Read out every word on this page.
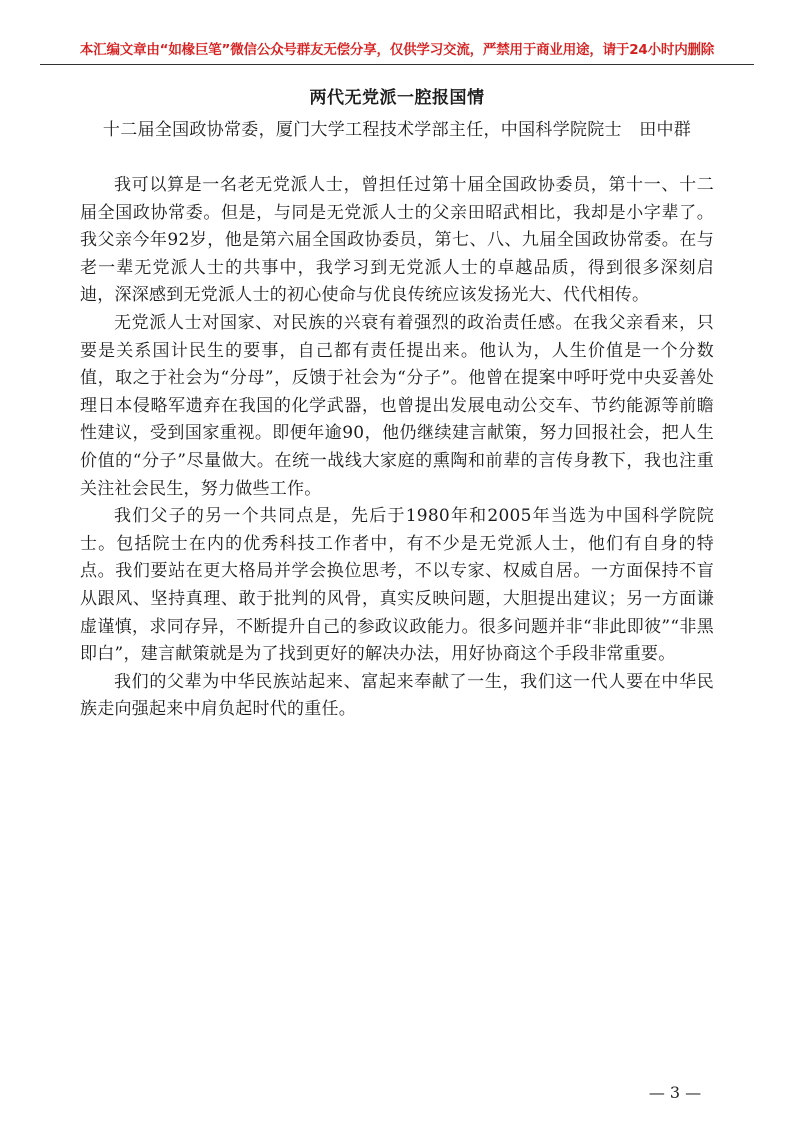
本汇编文章由“如椽巨笔”微信公众号群友无偿分享，仅供学习交流，严禁用于商业用途，请于24小时内删除
两代无党派一腔报国情
十二届全国政协常委，厦门大学工程技术学部主任，中国科学院院士　田中群

我可以算是一名老无党派人士，曾担任过第十届全国政协委员，第十一、十二届全国政协常委。但是，与同是无党派人士的父亲田昭武相比，我却是小字辈了。我父亲今年92岁，他是第六届全国政协委员，第七、八、九届全国政协常委。在与老一辈无党派人士的共事中，我学习到无党派人士的卓越品质，得到很多深刻启迪，深深感到无党派人士的初心使命与优良传统应该发扬光大、代代相传。

无党派人士对国家、对民族的兴衰有着强烈的政治责任感。在我父亲看来，只要是关系国计民生的要事，自己都有责任提出来。他认为，人生价值是一个分数值，取之于社会为“分母”，反馈于社会为“分子”。他曾在提案中呼吁党中央妥善处理日本侵略军遗弃在我国的化学武器，也曾提出发展电动公交车、节约能源等前瞻性建议，受到国家重视。即便年逾90，他仍继续建言献策，努力回报社会，把人生价值的“分子”尽量做大。在统一战线大家庭的熏陶和前辈的言传身教下，我也注重关注社会民生，努力做些工作。

我们父子的另一个共同点是，先后于1980年和2005年当选为中国科学院院士。包括院士在内的优秀科技工作者中，有不少是无党派人士，他们有自身的特点。我们要站在更大格局并学会换位思考，不以专家、权威自居。一方面保持不盲从跟风、坚持真理、敢于批判的风骨，真实反映问题，大胆提出建议；另一方面谦虚谨慎，求同存异，不断提升自己的参政议政能力。很多问题并非“非此即彼”“非黑即白”，建言献策就是为了找到更好的解决办法，用好协商这个手段非常重要。

我们的父辈为中华民族站起来、富起来奉献了一生，我们这一代人要在中华民族走向强起来中肩负起时代的重任。

— 3 —
